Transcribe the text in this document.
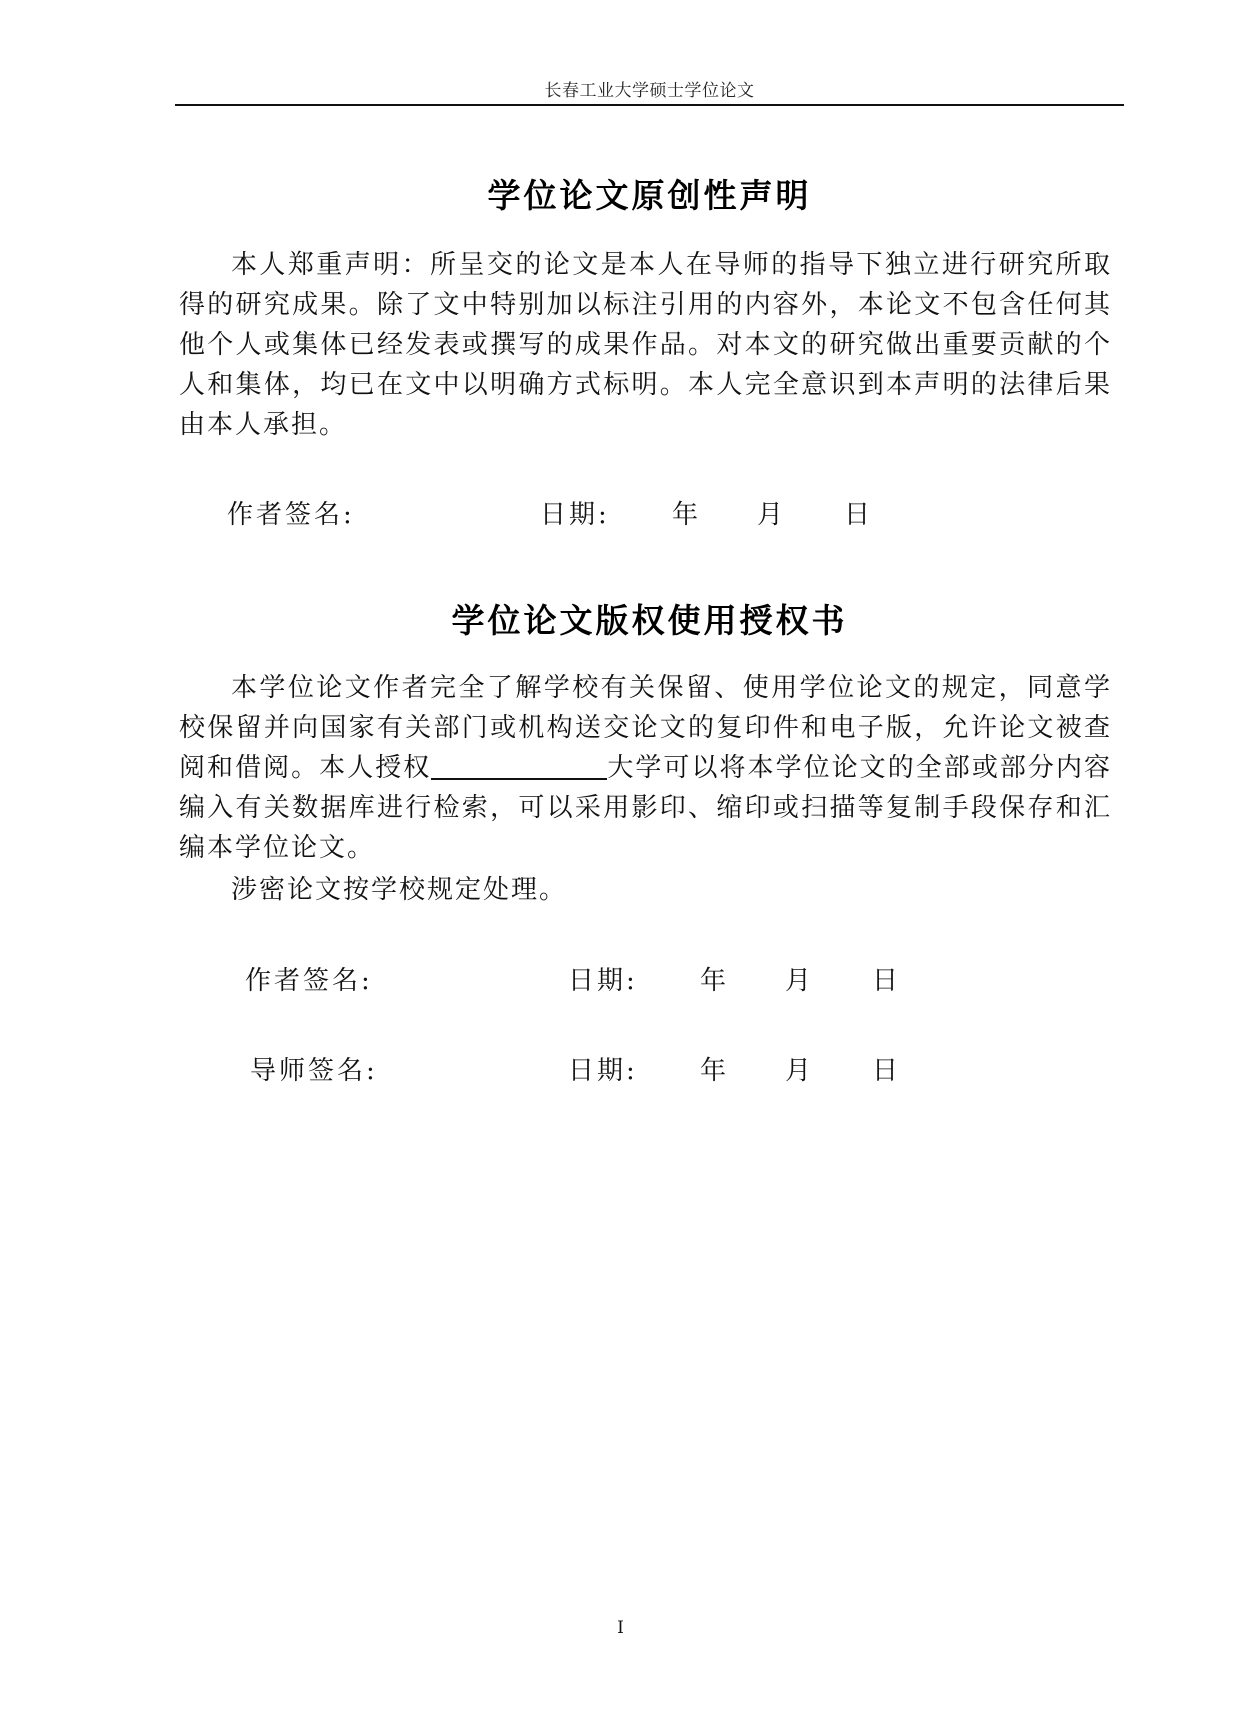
长春工业大学硕士学位论文
学位论文原创性声明

本人郑重声明：所呈交的论文是本人在导师的指导下独立进行研究所取得的研究成果。除了文中特别加以标注引用的内容外，本论文不包含任何其他个人或集体已经发表或撰写的成果作品。对本文的研究做出重要贡献的个人和集体，均已在文中以明确方式标明。本人完全意识到本声明的法律后果由本人承担。

作者签名:	日期: 年 月 日
学位论文版权使用授权书

本学位论文作者完全了解学校有关保留、使用学位论文的规定，同意学校保留并向国家有关部门或机构送交论文的复印件和电子版，允许论文被查阅和借阅。本人授权	大学可以将本学位论文的全部或部分内容编入有关数据库进行检索，可以采用影印、缩印或扫描等复制手段保存和汇编本学位论文。

涉密论文按学校规定处理。

作者签名:	日期: 年 月 日
导师签名:	日期: 年 月 日
I
